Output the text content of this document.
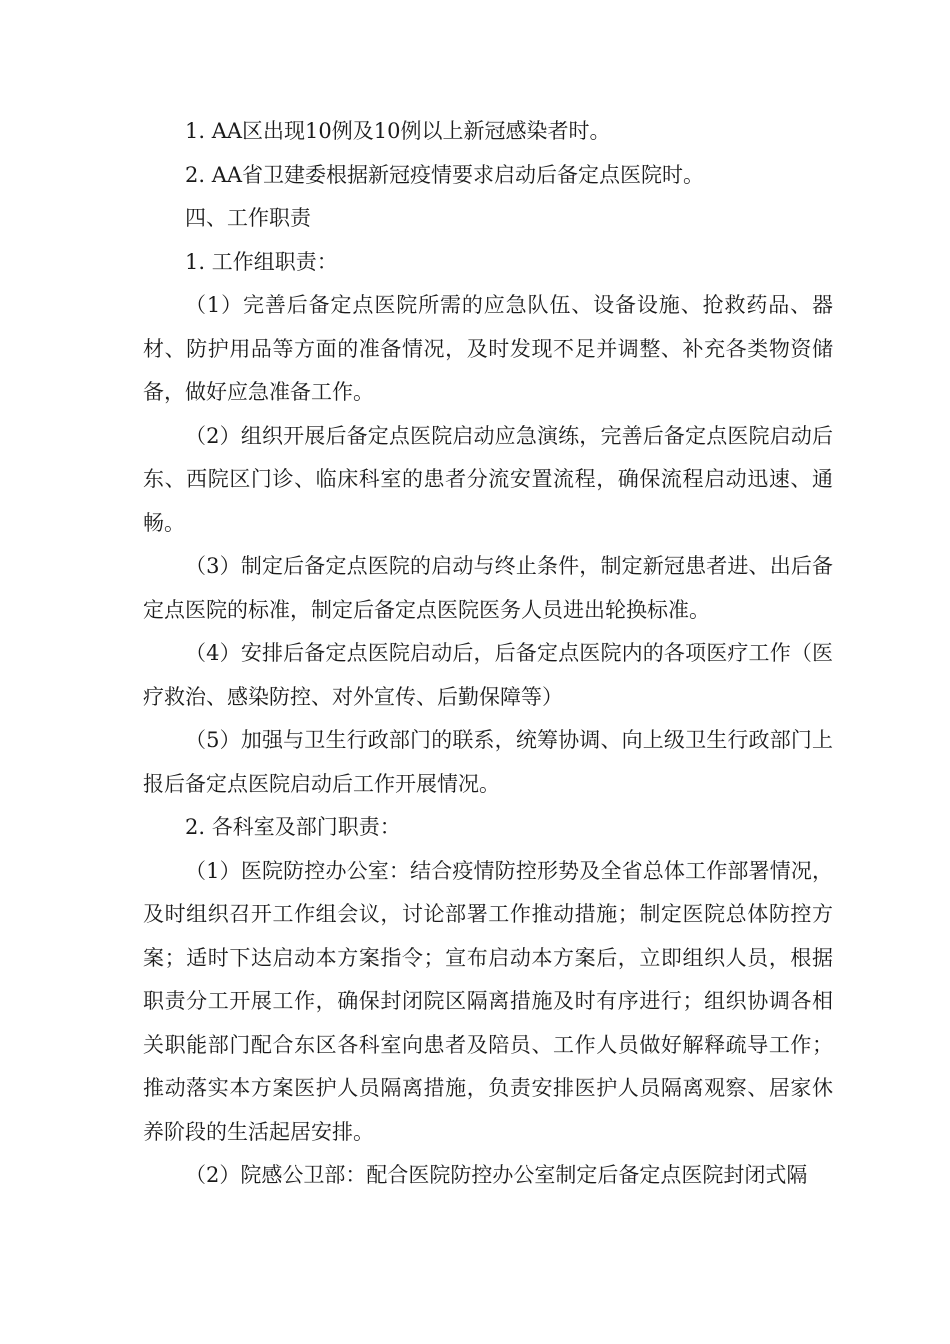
1. AA区出现10例及10例以上新冠感染者时。

2. AA省卫建委根据新冠疫情要求启动后备定点医院时。

四、工作职责

1. 工作组职责：

（1）完善后备定点医院所需的应急队伍、设备设施、抢救药品、器材、防护用品等方面的准备情况，及时发现不足并调整、补充各类物资储备，做好应急准备工作。

（2）组织开展后备定点医院启动应急演练，完善后备定点医院启动后东、西院区门诊、临床科室的患者分流安置流程，确保流程启动迅速、通畅。

（3）制定后备定点医院的启动与终止条件，制定新冠患者进、出后备定点医院的标准，制定后备定点医院医务人员进出轮换标准。

（4）安排后备定点医院启动后，后备定点医院内的各项医疗工作（医疗救治、感染防控、对外宣传、后勤保障等）

（5）加强与卫生行政部门的联系，统筹协调、向上级卫生行政部门上报后备定点医院启动后工作开展情况。

2. 各科室及部门职责：

（1）医院防控办公室：结合疫情防控形势及全省总体工作部署情况，及时组织召开工作组会议，讨论部署工作推动措施；制定医院总体防控方案；适时下达启动本方案指令；宣布启动本方案后，立即组织人员，根据职责分工开展工作，确保封闭院区隔离措施及时有序进行；组织协调各相关职能部门配合东区各科室向患者及陪员、工作人员做好解释疏导工作；推动落实本方案医护人员隔离措施，负责安排医护人员隔离观察、居家休养阶段的生活起居安排。

（2）院感公卫部：配合医院防控办公室制定后备定点医院封闭式隔
